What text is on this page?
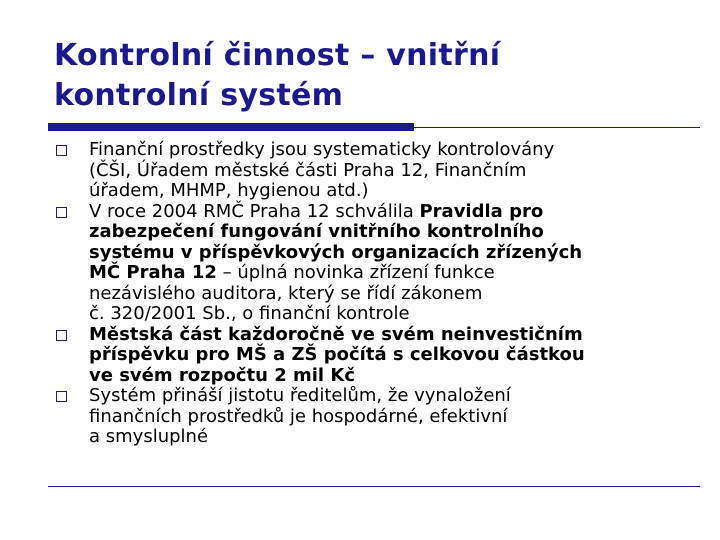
Kontrolní činnost – vnitřní
kontrolní systém
Finanční prostředky jsou systematicky kontrolovány
(ČŠI, Úřadem městské části Praha 12, Finančním
úřadem, MHMP, hygienou atd.)
V roce 2004 RMČ Praha 12 schválila Pravidla pro
zabezpečení fungování vnitřního kontrolního
systému v příspěvkových organizacích zřízených
MČ Praha 12 – úplná novinka zřízení funkce
nezávislého auditora, který se řídí zákonem
č. 320/2001 Sb., o finanční kontrole
Městská část každoročně ve svém neinvestičním
příspěvku pro MŠ a ZŠ počítá s celkovou částkou
ve svém rozpočtu 2 mil Kč
Systém přináší jistotu ředitelům, že vynaložení
finančních prostředků je hospodárné, efektivní
a smysluplné
